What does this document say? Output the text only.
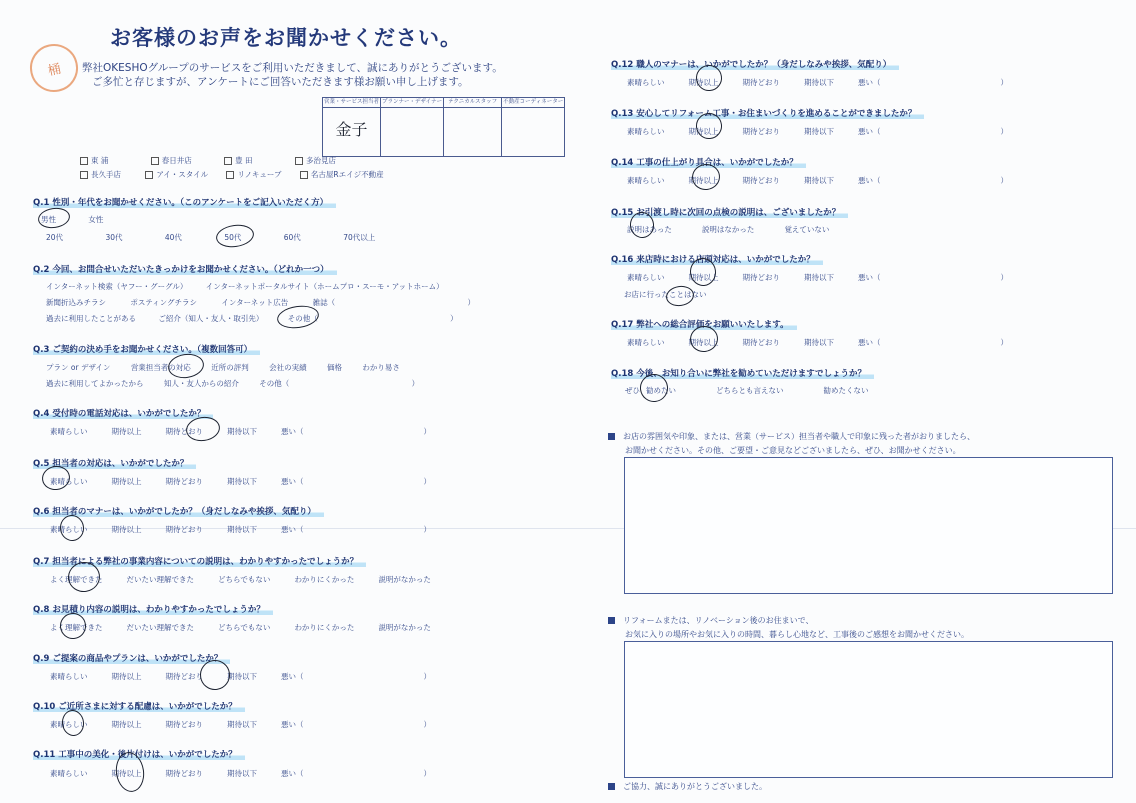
桶
お客様のお声をお聞かせください。
弊社OKESHOグループのサービスをご利用いただきまして、誠にありがとうございます。
ご多忙と存じますが、アンケートにご回答いただきます様お願い申し上げます。
営業・サービス担当者	プランナー・デザイナー	テクニカルスタッフ	不動産コーディネーター
金子			
東 浦	春日井店	豊 田	多治見店
長久手店	アイ・スタイル	リノキューブ	名古屋Rエイジ不動産
Q.1 性別・年代をお聞かせください。（このアンケートをご記入いただく方）
男性	女性
20代	30代	40代	50代	60代	70代以上
Q.2 今回、お問合せいただいたきっかけをお聞かせください。（どれか一つ）
インターネット検索（ヤフー・グーグル） インターネットポータルサイト（ホームプロ・スーモ・アットホーム）
新聞折込みチラシ	ポスティングチラシ	インターネット広告	雑誌（	）
過去に利用したことがある	ご紹介（知人・友人・取引先）	その他（	）
Q.3 ご契約の決め手をお聞かせください。（複数回答可）
プラン or デザイン	営業担当者の対応	近所の評判	会社の実績	価格	わかり易さ
過去に利用してよかったから	知人・友人からの紹介	その他（	）
Q.4 受付時の電話対応は、いかがでしたか？
素晴らしい	期待以上	期待どおり	期待以下	悪い（	）
Q.5 担当者の対応は、いかがでしたか？
素晴らしい	期待以上	期待どおり	期待以下	悪い（	）
Q.6 担当者のマナーは、いかがでしたか？（身だしなみや挨拶、気配り）
素晴らしい	期待以上	期待どおり	期待以下	悪い（	）
Q.7 担当者による弊社の事業内容についての説明は、わかりやすかったでしょうか？
よく理解できた	だいたい理解できた	どちらでもない	わかりにくかった	説明がなかった
Q.8 お見積り内容の説明は、わかりやすかったでしょうか？
よく理解できた	だいたい理解できた	どちらでもない	わかりにくかった	説明がなかった
Q.9 ご提案の商品やプランは、いかがでしたか？
素晴らしい	期待以上	期待どおり	期待以下	悪い（	）
Q.10 ご近所さまに対する配慮は、いかがでしたか？
素晴らしい	期待以上	期待どおり	期待以下	悪い（	）
Q.11 工事中の美化・後片付けは、いかがでしたか？
素晴らしい	期待以上	期待どおり	期待以下	悪い（	）
Q.12 職人のマナーは、いかがでしたか？（身だしなみや挨拶、気配り）
素晴らしい	期待以上	期待どおり	期待以下	悪い（	）
Q.13 安心してリフォーム工事・お住まいづくりを進めることができましたか？
素晴らしい	期待以上	期待どおり	期待以下	悪い（	）
Q.14 工事の仕上がり具合は、いかがでしたか？
素晴らしい	期待以上	期待どおり	期待以下	悪い（	）
Q.15 お引渡し時に次回の点検の説明は、ございましたか？
説明はあった	説明はなかった	覚えていない
Q.16 来店時における店頭対応は、いかがでしたか？
素晴らしい	期待以上	期待どおり	期待以下	悪い（	）
お店に行ったことはない
Q.17 弊社への総合評価をお願いいたします。
素晴らしい	期待以上	期待どおり	期待以下	悪い（	）
Q.18 今後、お知り合いに弊社を勧めていただけますでしょうか？
ぜひ 勧めたい	どちらとも言えない	勧めたくない
お店の雰囲気や印象、または、営業（サービス）担当者や職人で印象に残った者がおりましたら、
お聞かせください。その他、ご要望・ご意見などございましたら、ぜひ、お聞かせください。
リフォームまたは、リノベーション後のお住まいで、
お気に入りの場所やお気に入りの時間、暮らし心地など、工事後のご感想をお聞かせください。
ご協力、誠にありがとうございました。
